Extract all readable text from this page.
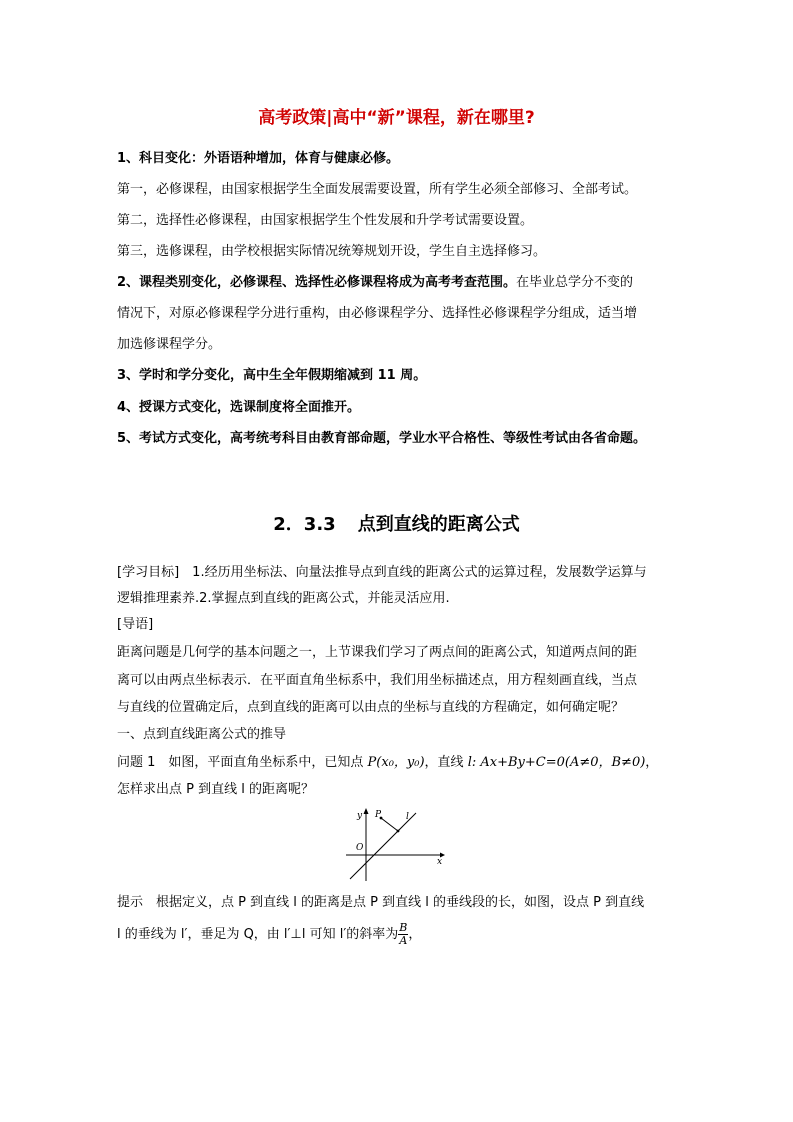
高考政策|高中“新”课程，新在哪里?
1、科目变化：外语语种增加，体育与健康必修。
第一，必修课程，由国家根据学生全面发展需要设置，所有学生必须全部修习、全部考试。
第二，选择性必修课程，由国家根据学生个性发展和升学考试需要设置。
第三，选修课程，由学校根据实际情况统筹规划开设，学生自主选择修习。
2、课程类别变化，必修课程、选择性必修课程将成为高考考查范围。在毕业总学分不变的
情况下，对原必修课程学分进行重构，由必修课程学分、选择性必修课程学分组成，适当增
加选修课程学分。
3、学时和学分变化，高中生全年假期缩减到 11 周。
4、授课方式变化，选课制度将全面推开。
5、考试方式变化，高考统考科目由教育部命题，学业水平合格性、等级性考试由各省命题。
2．3.3 点到直线的距离公式
[学习目标]　 1.经历用坐标法、向量法推导点到直线的距离公式的运算过程，发展数学运算与
逻辑推理素养.2.掌握点到直线的距离公式，并能灵活应用.
[导语]
距离问题是几何学的基本问题之一，上节课我们学习了两点间的距离公式，知道两点间的距
离可以由两点坐标表示．在平面直角坐标系中，我们用坐标描述点，用方程刻画直线，当点
与直线的位置确定后，点到直线的距离可以由点的坐标与直线的方程确定，如何确定呢？
一、点到直线距离公式的推导
问题 1　如图，平面直角坐标系中，已知点 P(x₀，y₀)，直线 l: Ax+By+C=0(A≠0，B≠0)，
怎样求出点 P 到直线 l 的距离呢？
y
x
O
P	l
提示　根据定义，点 P 到直线 l 的距离是点 P 到直线 l 的垂线段的长，如图，设点 P 到直线
l 的垂线为 l′，垂足为 Q，由 l′⊥l 可知 l′的斜率为 $\frac{B}{A}$ ，
